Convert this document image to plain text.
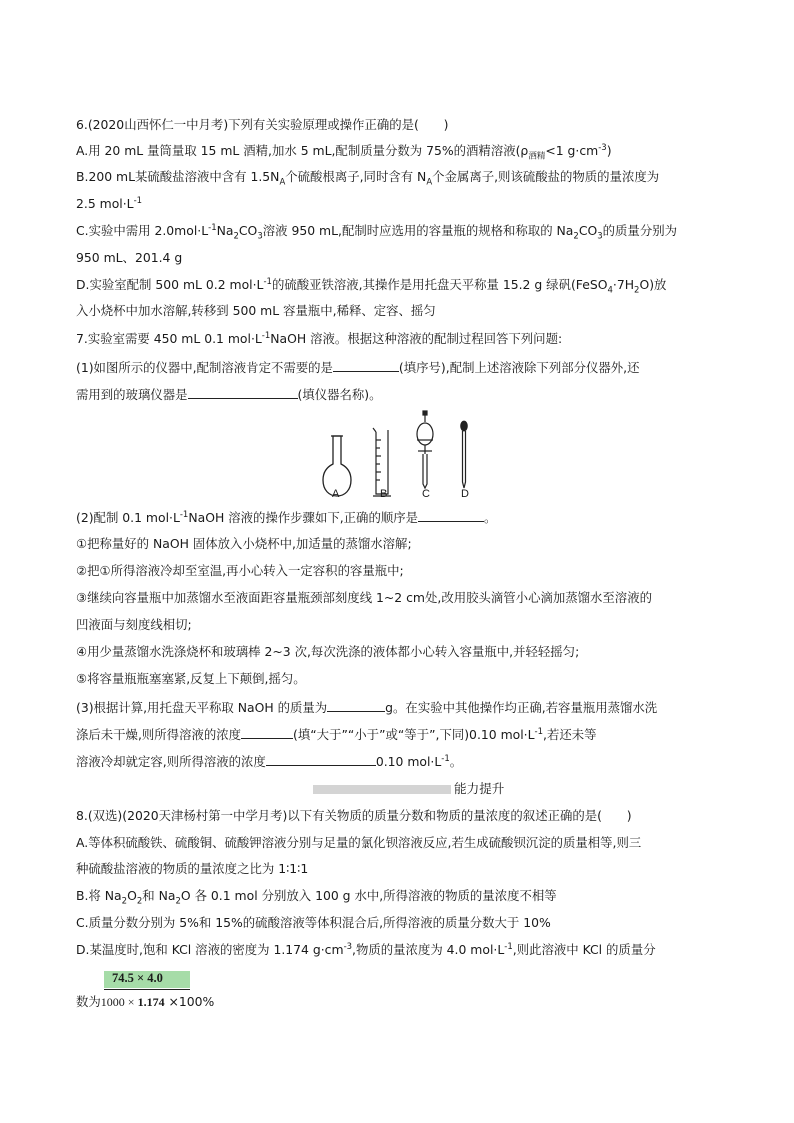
6.(2020山西怀仁一中月考)下列有关实验原理或操作正确的是(　　)
A.用 20 mL 量筒量取 15 mL 酒精,加水 5 mL,配制质量分数为 75%的酒精溶液($\rho_{酒精}<1$ $g\cdot cm^{-3}$)
B.200 mL某硫酸盐溶液中含有 $1.5N_A$个硫酸根离子,同时含有 $N_A$个金属离子,则该硫酸盐的物质的量浓度为
2.5 $mol\cdot L^{-1}$
C.实验中需用 $2.0mol\cdot L^{-1}Na_2CO_3$溶液 950 mL,配制时应选用的容量瓶的规格和称取的 $Na_2CO_3$的质量分别为
950 mL、201.4 g
D.实验室配制 500 mL 0.2 $mol\cdot L^{-1}$的硫酸亚铁溶液,其操作是用托盘天平称量 15.2 g 绿矾$(FeSO_4\cdot 7H_2O)$放
入小烧杯中加水溶解,转移到 500 mL 容量瓶中,稀释、定容、摇匀
7.实验室需要 450 mL 0.1 $mol\cdot L^{-1}NaOH$ 溶液。根据这种溶液的配制过程回答下列问题:
(1)如图所示的仪器中,配制溶液肯定不需要的是	(填序号),配制上述溶液除下列部分仪器外,还
需用到的玻璃仪器是	(填仪器名称)。
A	B	C	D
(2)配制 0.1 $mol\cdot L^{-1}NaOH$ 溶液的操作步骤如下,正确的顺序是	。
①把称量好的 NaOH 固体放入小烧杯中,加适量的蒸馏水溶解;
②把①所得溶液冷却至室温,再小心转入一定容积的容量瓶中;
③继续向容量瓶中加蒸馏水至液面距容量瓶颈部刻度线 1~2 cm处,改用胶头滴管小心滴加蒸馏水至溶液的
凹液面与刻度线相切;
④用少量蒸馏水洗涤烧杯和玻璃棒 2~3 次,每次洗涤的液体都小心转入容量瓶中,并轻轻摇匀;
⑤将容量瓶瓶塞塞紧,反复上下颠倒,摇匀。
(3)根据计算,用托盘天平称取 NaOH 的质量为	g。在实验中其他操作均正确,若容量瓶用蒸馏水洗
涤后未干燥,则所得溶液的浓度	(填“大于”“小于”或“等于”,下同)0.10 $mol\cdot L^{-1}$,若还未等
溶液冷却就定容,则所得溶液的浓度	0.10 $mol\cdot L^{-1}$。
能力提升
8.(双选)(2020天津杨村第一中学月考)以下有关物质的质量分数和物质的量浓度的叙述正确的是(　　)
A.等体积硫酸铁、硫酸铜、硫酸钾溶液分别与足量的氯化钡溶液反应,若生成硫酸钡沉淀的质量相等,则三
种硫酸盐溶液的物质的量浓度之比为 1∶1∶1
B.将 $Na_2O_2$和 $Na_2O$ 各 0.1 mol 分别放入 100 g 水中,所得溶液的物质的量浓度不相等
C.质量分数分别为 5%和 15%的硫酸溶液等体积混合后,所得溶液的质量分数大于 10%
D.某温度时,饱和 KCl 溶液的密度为 1.174 $g\cdot cm^{-3}$,物质的量浓度为 4.0 $mol\cdot L^{-1}$,则此溶液中 KCl 的质量分
74.5 × 4.0
数为1000 × 1.174 ×100%
